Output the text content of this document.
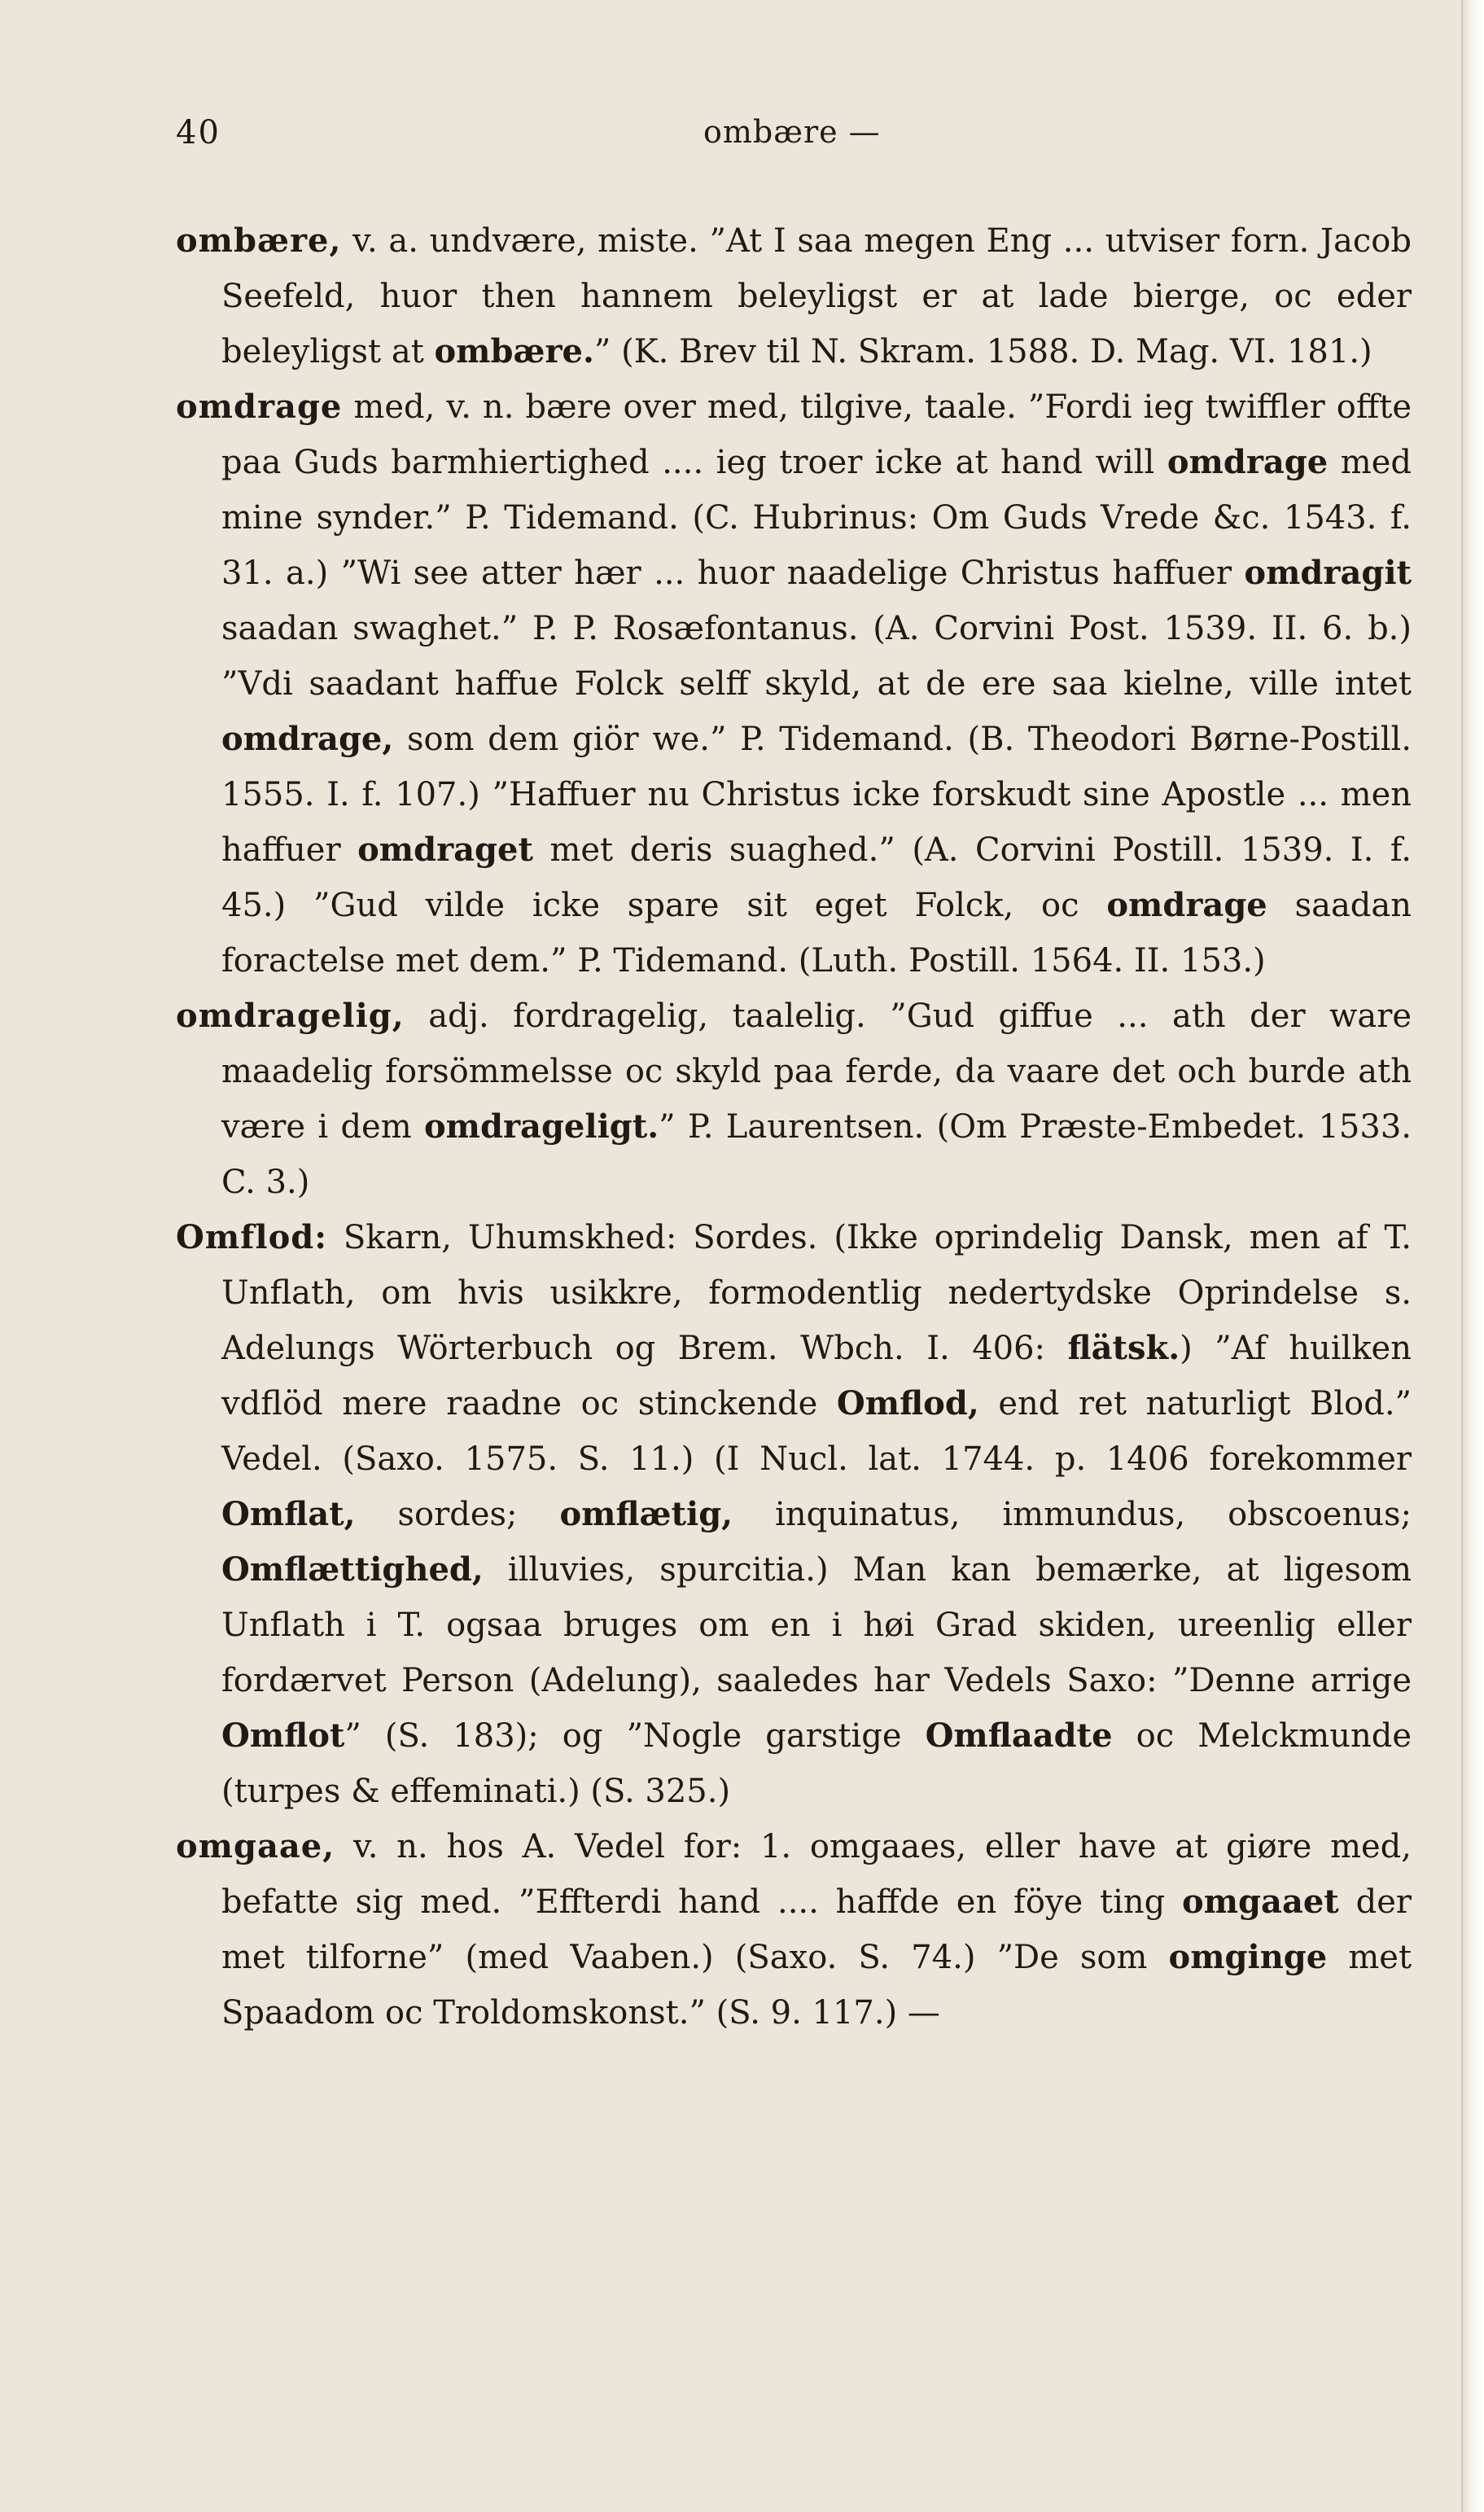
40	ombære —

ombære, v. a. undvære, miste. ”At I saa megen Eng ... utviser forn. Jacob Seefeld, huor then hannem beleyligst er at lade bierge, oc eder beleyligst at ombære.” (K. Brev til N. Skram. 1588. D. Mag. VI. 181.)

omdrage med, v. n. bære over med, tilgive, taale. ”Fordi ieg twiffler offte paa Guds barmhiertighed .... ieg troer icke at hand will omdrage med mine synder.” P. Tidemand. (C. Hubrinus: Om Guds Vrede &c. 1543. f. 31. a.) ”Wi see atter hær ... huor naadelige Christus haffuer omdragit saadan swaghet.” P. P. Rosæfontanus. (A. Corvini Post. 1539. II. 6. b.) ”Vdi saadant haffue Folck selff skyld, at de ere saa kielne, ville intet omdrage, som dem giör we.” P. Tidemand. (B. Theodori Børne-Postill. 1555. I. f. 107.) ”Haffuer nu Christus icke forskudt sine Apostle ... men haffuer omdraget met deris suaghed.” (A. Corvini Postill. 1539. I. f. 45.) ”Gud vilde icke spare sit eget Folck, oc omdrage saadan foractelse met dem.” P. Tidemand. (Luth. Postill. 1564. II. 153.)

omdragelig, adj. fordragelig, taalelig. ”Gud giffue ... ath der ware maadelig forsömmelsse oc skyld paa ferde, da vaare det och burde ath være i dem omdrageligt.” P. Laurentsen. (Om Præste-Embedet. 1533. C. 3.)

Omflod: Skarn, Uhumskhed: Sordes. (Ikke oprindelig Dansk, men af T. Unflath, om hvis usikkre, formodentlig nedertydske Oprindelse s. Adelungs Wörterbuch og Brem. Wbch. I. 406: flätsk.) ”Af huilken vdflöd mere raadne oc stinckende Omflod, end ret naturligt Blod.” Vedel. (Saxo. 1575. S. 11.) (I Nucl. lat. 1744. p. 1406 forekommer Omflat, sordes; omflætig, inquinatus, immundus, obscoenus; Omflættighed, illuvies, spurcitia.) Man kan bemærke, at ligesom Unflath i T. ogsaa bruges om en i høi Grad skiden, ureenlig eller fordærvet Person (Adelung), saaledes har Vedels Saxo: ”Denne arrige Omflot” (S. 183); og ”Nogle garstige Omflaadte oc Melckmunde (turpes & effeminati.) (S. 325.)

omgaae, v. n. hos A. Vedel for: 1. omgaaes, eller have at giøre med, befatte sig med. ”Effterdi hand .... haffde en föye ting omgaaet der met tilforne” (med Vaaben.) (Saxo. S. 74.) ”De som omginge met Spaadom oc Troldomskonst.” (S. 9. 117.) —
